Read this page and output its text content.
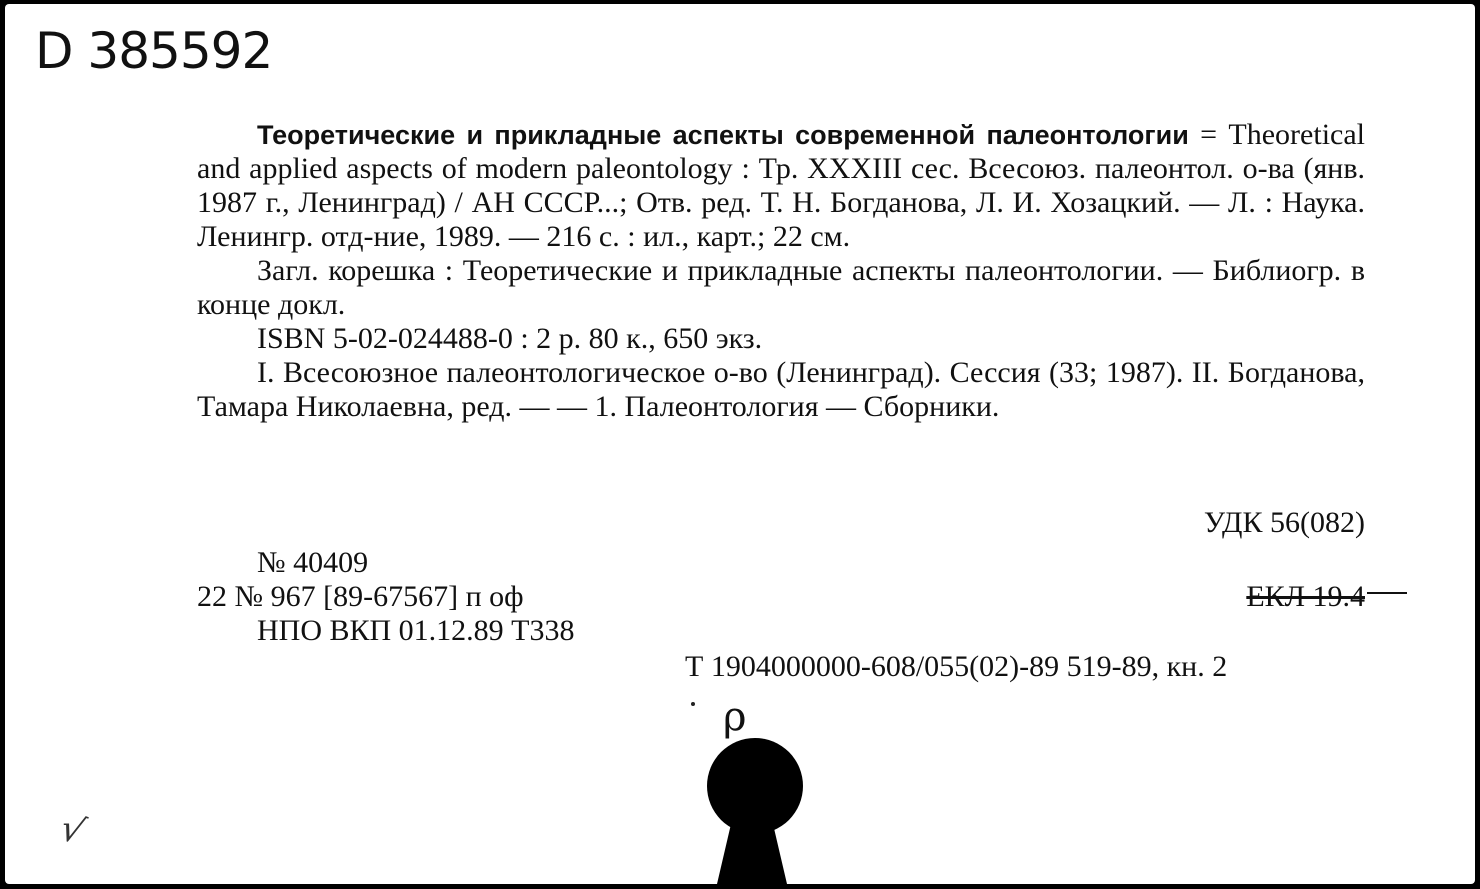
D 385592

Теоретические и прикладные аспекты современной палеонтологии = Theoretical and applied aspects of modern paleontology : Тр. XXXIII сес. Всесоюз. палеонтол. о-ва (янв. 1987 г., Ленинград) / АН СССР...; Отв. ред. Т. Н. Богданова, Л. И. Хозацкий. — Л. : Наука. Ленингр. отд-ние, 1989. — 216 с. : ил., карт.; 22 см.

Загл. корешка : Теоретические и прикладные аспекты палеонтологии. — Библиогр. в конце докл.

ISBN 5-02-024488-0 : 2 р. 80 к., 650 экз.

I. Всесоюзное палеонтологическое о-во (Ленинград). Сессия (33; 1987). II. Богданова, Тамара Николаевна, ред. — — 1. Палеонтология — Сборники.

УДК 56(082)
№ 40409
22 № 967 [89-67567] п оф
НПО ВКП 01.12.89 Т338
ЕКЛ 19.4
Т 1904000000-608/055(02)-89 519-89, кн. 2
ρ
√
